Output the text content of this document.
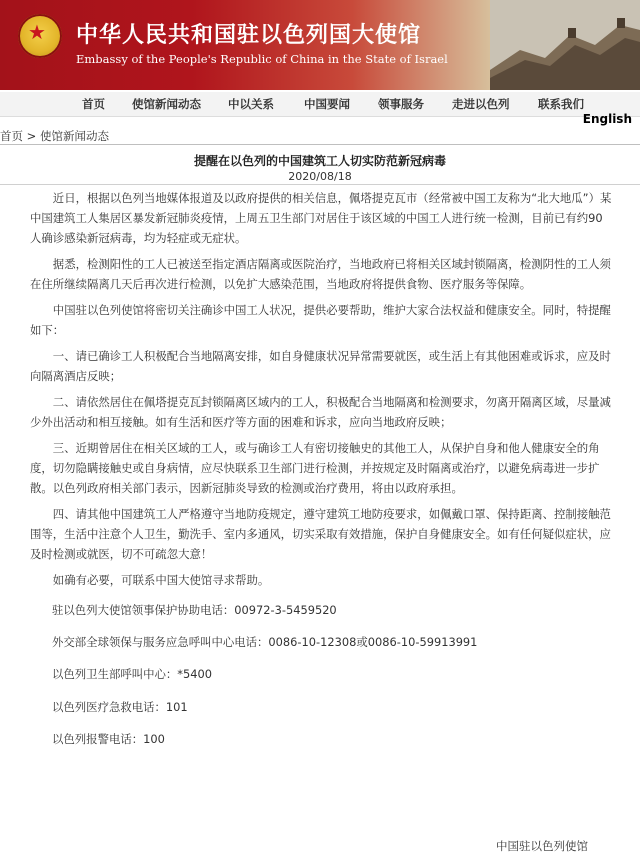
★ 中华人民共和国驻以色列国大使馆
Embassy of the People's Republic of China in the State of Israel
首页 使馆新闻动态 中以关系	中国要闻 领事服务 走进以色列 联系我们
English
首页 > 使馆新闻动态
提醒在以色列的中国建筑工人切实防范新冠病毒
2020/08/18

近日，根据以色列当地媒体报道及以政府提供的相关信息，佩塔提克瓦市（经常被中国工友称为“北大地瓜”）某中国建筑工人集居区暴发新冠肺炎疫情，上周五卫生部门对居住于该区域的中国工人进行统一检测，目前已有约90人确诊感染新冠病毒，均为轻症或无症状。

据悉，检测阳性的工人已被送至指定酒店隔离或医院治疗，当地政府已将相关区域封锁隔离，检测阴性的工人须在住所继续隔离几天后再次进行检测，以免扩大感染范围，当地政府将提供食物、医疗服务等保障。

中国驻以色列使馆将密切关注确诊中国工人状况，提供必要帮助，维护大家合法权益和健康安全。同时，特提醒如下：

一、请已确诊工人积极配合当地隔离安排，如自身健康状况异常需要就医，或生活上有其他困难或诉求，应及时向隔离酒店反映；

二、请依然居住在佩塔提克瓦封锁隔离区域内的工人，积极配合当地隔离和检测要求，勿离开隔离区域，尽量减少外出活动和相互接触。如有生活和医疗等方面的困难和诉求，应向当地政府反映；

三、近期曾居住在相关区域的工人，或与确诊工人有密切接触史的其他工人，从保护自身和他人健康安全的角度，切勿隐瞒接触史或自身病情，应尽快联系卫生部门进行检测，并按规定及时隔离或治疗，以避免病毒进一步扩散。以色列政府相关部门表示，因新冠肺炎导致的检测或治疗费用，将由以政府承担。

四、请其他中国建筑工人严格遵守当地防疫规定，遵守建筑工地防疫要求，如佩戴口罩、保持距离、控制接触范围等，生活中注意个人卫生，勤洗手、室内多通风，切实采取有效措施，保护自身健康安全。如有任何疑似症状，应及时检测或就医，切不可疏忽大意！

如确有必要，可联系中国大使馆寻求帮助。

驻以色列大使馆领事保护协助电话：00972-3-5459520
外交部全球领保与服务应急呼叫中心电话：0086-10-12308或0086-10-59913991
以色列卫生部呼叫中心：*5400
以色列医疗急救电话：101
以色列报警电话：100
中国驻以色列使馆
